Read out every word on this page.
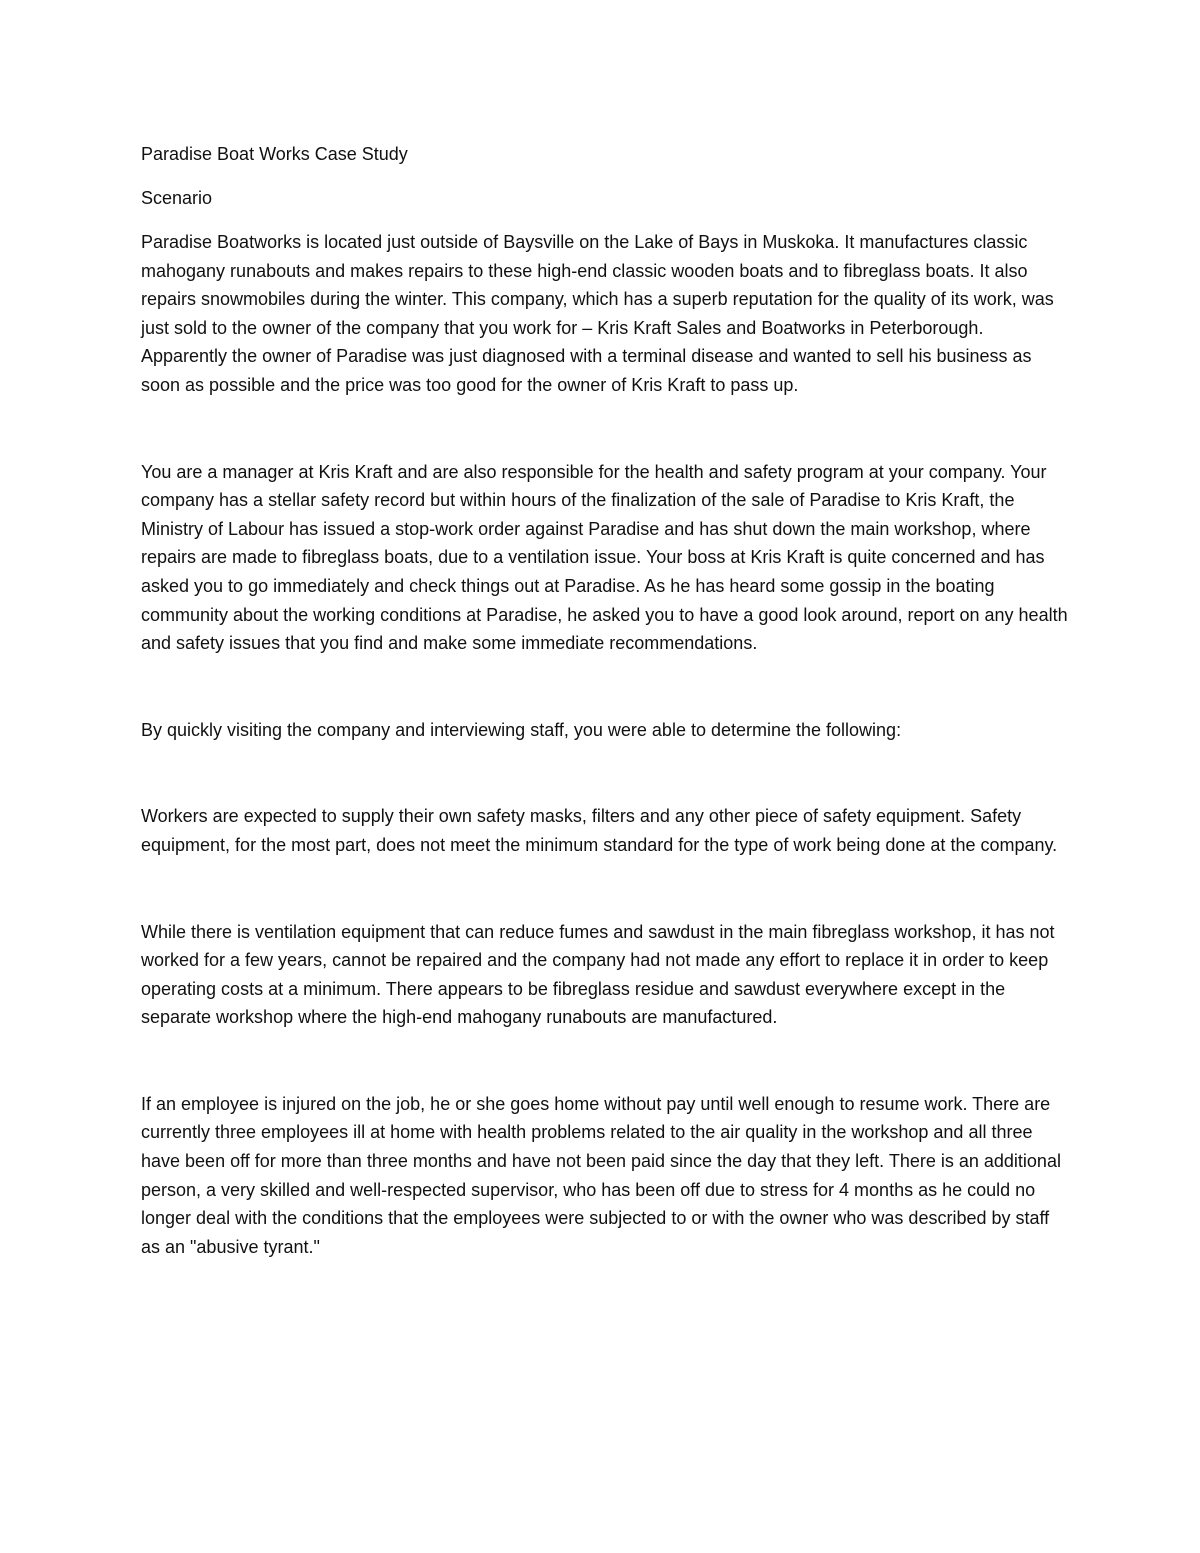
Paradise Boat Works Case Study

Scenario

Paradise Boatworks is located just outside of Baysville on the Lake of Bays in Muskoka. It manufactures classic mahogany runabouts and makes repairs to these high-end classic wooden boats and to fibreglass boats. It also repairs snowmobiles during the winter. This company, which has a superb reputation for the quality of its work, was just sold to the owner of the company that you work for – Kris Kraft Sales and Boatworks in Peterborough. Apparently the owner of Paradise was just diagnosed with a terminal disease and wanted to sell his business as soon as possible and the price was too good for the owner of Kris Kraft to pass up.

You are a manager at Kris Kraft and are also responsible for the health and safety program at your company. Your company has a stellar safety record but within hours of the finalization of the sale of Paradise to Kris Kraft, the Ministry of Labour has issued a stop-work order against Paradise and has shut down the main workshop, where repairs are made to fibreglass boats, due to a ventilation issue. Your boss at Kris Kraft is quite concerned and has asked you to go immediately and check things out at Paradise. As he has heard some gossip in the boating community about the working conditions at Paradise, he asked you to have a good look around, report on any health and safety issues that you find and make some immediate recommendations.

By quickly visiting the company and interviewing staff, you were able to determine the following:

Workers are expected to supply their own safety masks, filters and any other piece of safety equipment. Safety equipment, for the most part, does not meet the minimum standard for the type of work being done at the company.

While there is ventilation equipment that can reduce fumes and sawdust in the main fibreglass workshop, it has not worked for a few years, cannot be repaired and the company had not made any effort to replace it in order to keep operating costs at a minimum. There appears to be fibreglass residue and sawdust everywhere except in the separate workshop where the high-end mahogany runabouts are manufactured.

If an employee is injured on the job, he or she goes home without pay until well enough to resume work. There are currently three employees ill at home with health problems related to the air quality in the workshop and all three have been off for more than three months and have not been paid since the day that they left. There is an additional person, a very skilled and well-respected supervisor, who has been off due to stress for 4 months as he could no longer deal with the conditions that the employees were subjected to or with the owner who was described by staff as an "abusive tyrant."
